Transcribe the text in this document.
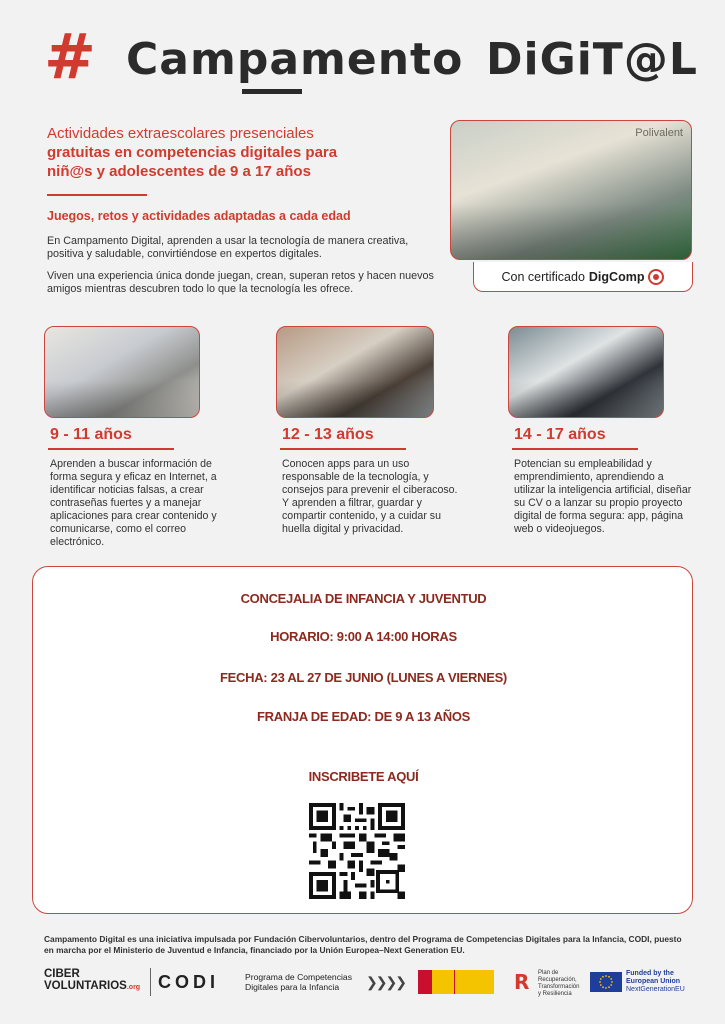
# Campamento DiGiT@L
Actividades extraescolares presenciales
gratuitas en competencias digitales para
niñ@s y adolescentes de 9 a 17 años
Juegos, retos y actividades adaptadas a cada edad
En Campamento Digital, aprenden a usar la tecnología de manera creativa, positiva y saludable, convirtiéndose en expertos digitales.
Viven una experiencia única donde juegan, crean, superan retos y hacen nuevos amigos mientras descubren todo lo que la tecnología les ofrece.
Polivalent
Con certificado DigComp
9 - 11 años
Aprenden a buscar información de forma segura y eficaz en Internet, a identificar noticias falsas, a crear contraseñas fuertes y a manejar aplicaciones para crear contenido y comunicarse, como el correo electrónico.
12 - 13 años
Conocen apps para un uso responsable de la tecnología, y consejos para prevenir el ciberacoso. Y aprenden a filtrar, guardar y compartir contenido, y a cuidar su huella digital y privacidad.
14 - 17 años
Potencian su empleabilidad y emprendimiento, aprendiendo a utilizar la inteligencia artificial, diseñar su CV o a lanzar su propio proyecto digital de forma segura: app, página web o videojuegos.
CONCEJALIA DE INFANCIA Y JUVENTUD
HORARIO: 9:00 A 14:00 HORAS
FECHA: 23 AL 27 DE JUNIO (LUNES A VIERNES)
FRANJA DE EDAD: DE 9 A 13 AÑOS
INSCRIBETE AQUÍ
Campamento Digital es una iniciativa impulsada por Fundación Cibervoluntarios, dentro del Programa de Competencias Digitales para la Infancia, CODI, puesto en marcha por el Ministerio de Juventud e Infancia, financiado por la Unión Europea–Next Generation EU.
CIBER
VOLUNTARIOS.org CODI	Programa de Competencias
Digitales para la Infancia	❯❯❯❯	R	Plan de Recuperación, Transformación y Resiliencia
Funded by the
European Union
NextGenerationEU
